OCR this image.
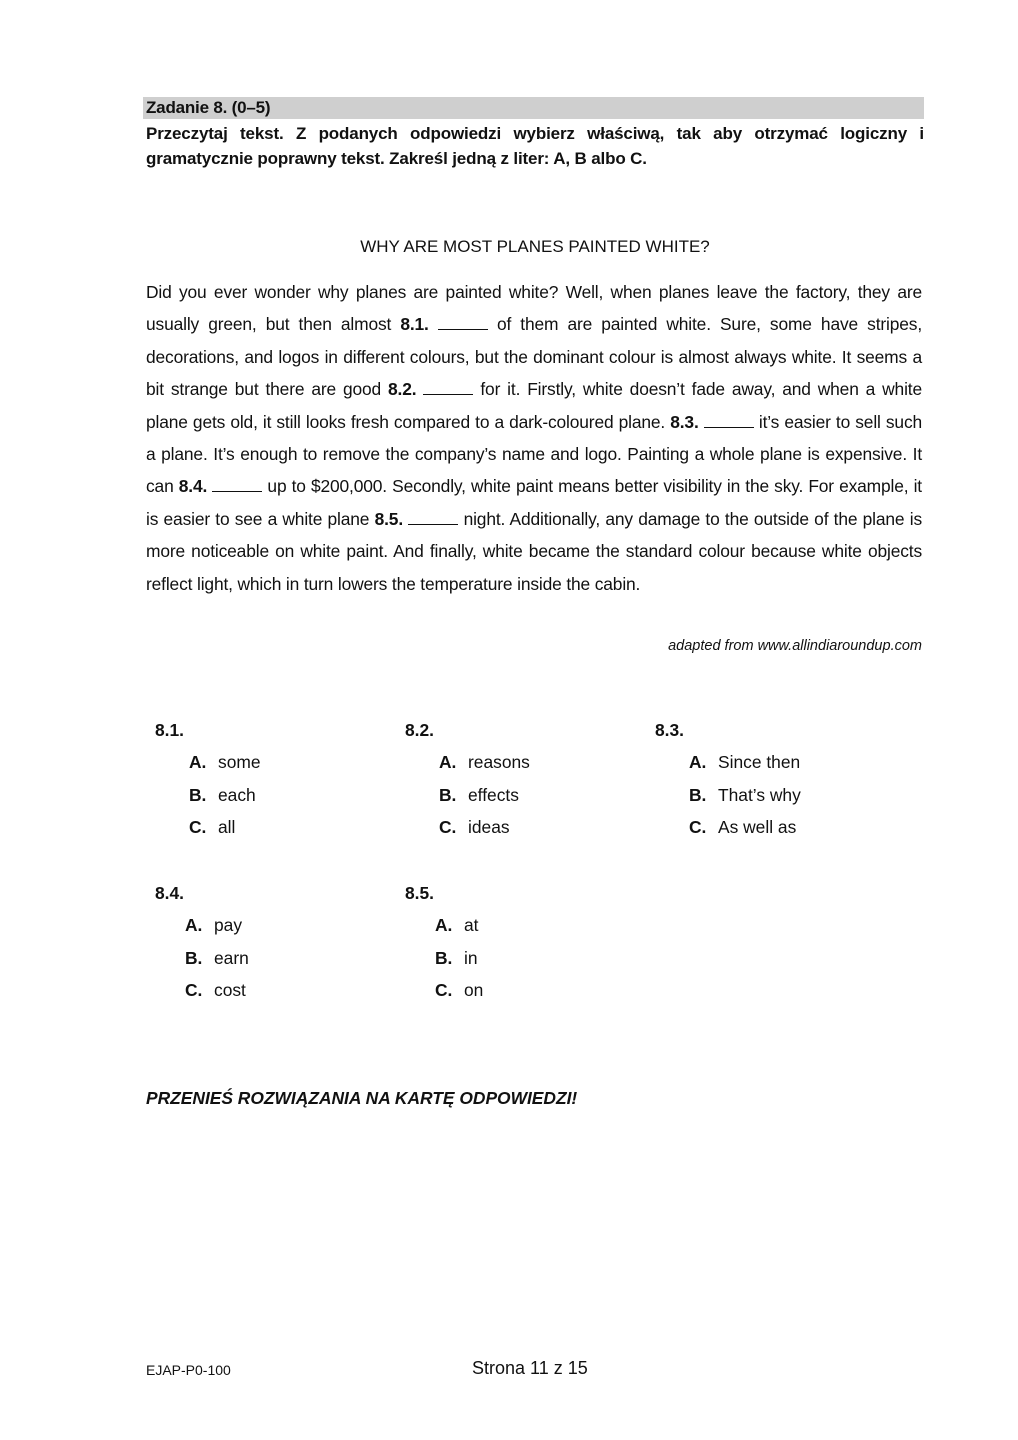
Zadanie 8. (0–5)
Przeczytaj tekst. Z podanych odpowiedzi wybierz właściwą, tak aby otrzymać logiczny i gramatycznie poprawny tekst. Zakreśl jedną z liter: A, B albo C.
WHY ARE MOST PLANES PAINTED WHITE?
Did you ever wonder why planes are painted white? Well, when planes leave the factory, they are usually green, but then almost 8.1.	of them are painted white. Sure, some have stripes, decorations, and logos in different colours, but the dominant colour is almost always white. It seems a bit strange but there are good 8.2.	for it. Firstly, white doesn’t fade away, and when a white plane gets old, it still looks fresh compared to a dark-coloured plane. 8.3.	it’s easier to sell such a plane. It’s enough to remove the company’s name and logo. Painting a whole plane is expensive. It can 8.4.	up to $200,000. Secondly, white paint means better visibility in the sky. For example, it is easier to see a white plane 8.5.	night. Additionally, any damage to the outside of the plane is more noticeable on white paint. And finally, white became the standard colour because white objects reflect light, which in turn lowers the temperature inside the cabin.
adapted from www.allindiaroundup.com
8.1.
A. some
B. each
C. all
8.2.
A. reasons
B. effects
C. ideas
8.3.
A. Since then
B. That’s why
C. As well as
8.4.
A. pay
B. earn
C. cost
8.5.
A. at
B. in
C. on
PRZENIEŚ ROZWIĄZANIA NA KARTĘ ODPOWIEDZI!
EJAP-P0-100	Strona 11 z 15
